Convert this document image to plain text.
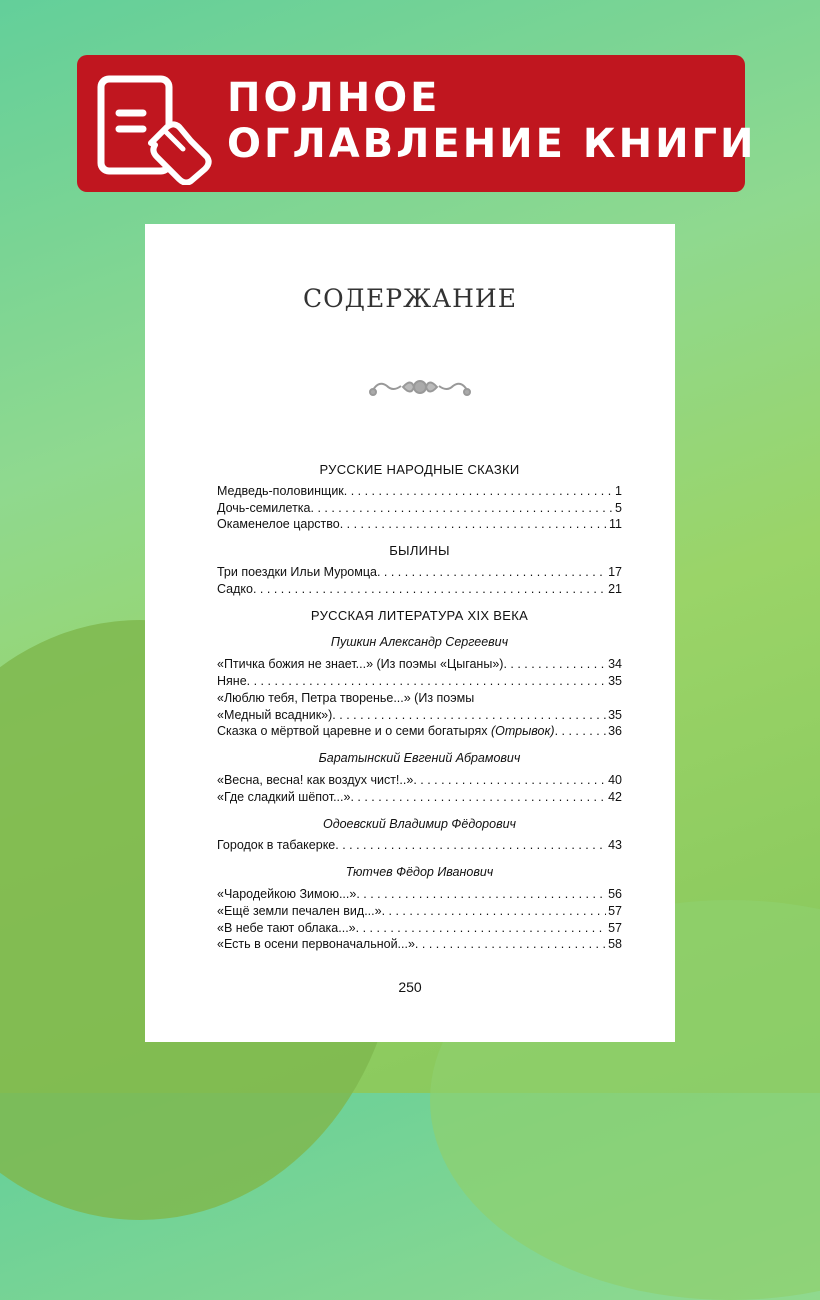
ПОЛНОЕ
ОГЛАВЛЕНИЕ КНИГИ
СОДЕРЖАНИЕ
РУССКИЕ НАРОДНЫЕ СКАЗКИ
Медведь-половинщик . . .	1
Дочь-семилетка . . .	5
Окаменелое царство . . .	11
БЫЛИНЫ
Три поездки Ильи Муромца . . .	17
Садко . . .	21
РУССКАЯ ЛИТЕРАТУРА XIX ВЕКА
Пушкин Александр Сергеевич
«Птичка божия не знает...» (Из поэмы «Цыганы») . . .	34
Няне . . .	35
«Люблю тебя, Петра творенье...» (Из поэмы
«Медный всадник») . . .	35
Сказка о мёртвой царевне и о семи богатырях
(Отрывок) . . .	36
Баратынский Евгений Абрамович
«Весна, весна! как воздух чист!..» . . .	40
«Где сладкий шёпот...» . . .	42
Одоевский Владимир Фёдорович
Городок в табакерке . . .	43
Тютчев Фёдор Иванович
«Чародейкою Зимою...» . . .	56
«Ещё земли печален вид...» . . .	57
«В небе тают облака...» . . .	57
«Есть в осени первоначальной...» . . .	58
250
